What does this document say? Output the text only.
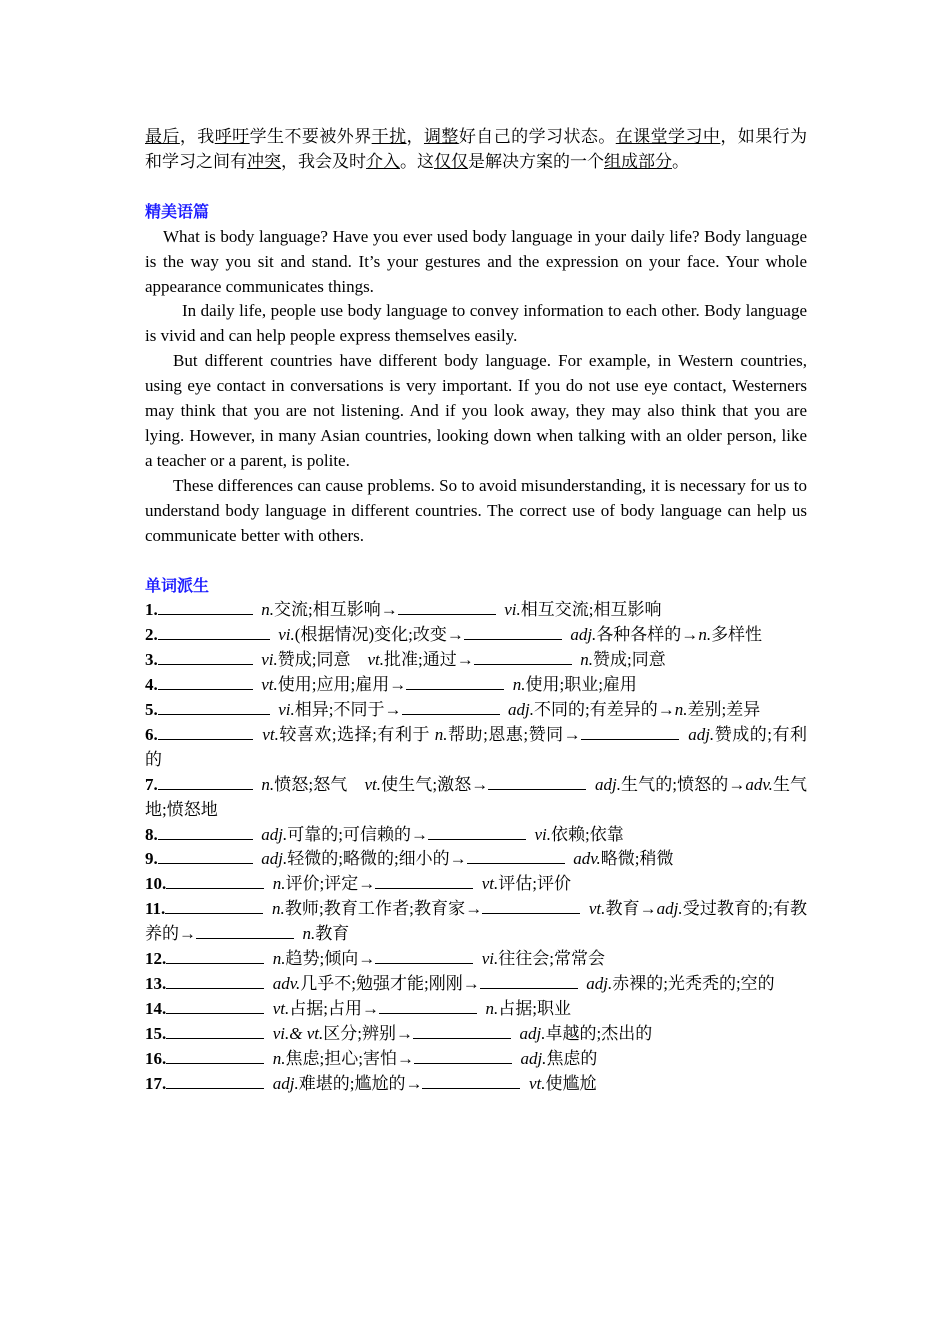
最后，我呼吁学生不要被外界干扰，调整好自己的学习状态。在课堂学习中，如果行为和学习之间有冲突，我会及时介入。这仅仅是解决方案的一个组成部分。

精美语篇

What is body language? Have you ever used body language in your daily life? Body language is the way you sit and stand. It’s your gestures and the expression on your face. Your whole appearance communicates things.

In daily life, people use body language to convey information to each other. Body language is vivid and can help people express themselves easily.

But different countries have different body language. For example, in Western countries, using eye contact in conversations is very important. If you do not use eye contact, Westerners may think that you are not listening. And if you look away, they may also think that you are lying. However, in many Asian countries, looking down when talking with an older person, like a teacher or a parent, is polite.

These differences can cause problems. So to avoid misunderstanding, it is necessary for us to understand body language in different countries. The correct use of body language can help us communicate better with others.

单词派生

1.	n.交流;相互影响→	vi.相互交流;相互影响

2.	vi.(根据情况)变化;改变→	adj.各种各样的→n.多样性

3.	vi.赞成;同意　vt.批准;通过→	n.赞成;同意

4.	vt.使用;应用;雇用→	n.使用;职业;雇用

5.	vi.相异;不同于→	adj.不同的;有差异的→n.差别;差异

6.	vt.较喜欢;选择;有利于 n.帮助;恩惠;赞同→	adj.赞成的;有利的

7.	n.愤怒;怒气　vt.使生气;激怒→	adj.生气的;愤怒的→adv.生气地;愤怒地

8.	adj.可靠的;可信赖的→	vi.依赖;依靠

9.	adj.轻微的;略微的;细小的→	adv.略微;稍微

10.	n.评价;评定→	vt.评估;评价

11.	n.教师;教育工作者;教育家→	vt.教育→adj.受过教育的;有教养的→	n.教育

12.	n.趋势;倾向→	vi.往往会;常常会

13.	adv.几乎不;勉强才能;刚刚→	adj.赤裸的;光秃秃的;空的

14.	vt.占据;占用→	n.占据;职业

15.	vi.& vt.区分;辨别→	adj.卓越的;杰出的

16.	n.焦虑;担心;害怕→	adj.焦虑的

17.	adj.难堪的;尴尬的→	vt.使尴尬
